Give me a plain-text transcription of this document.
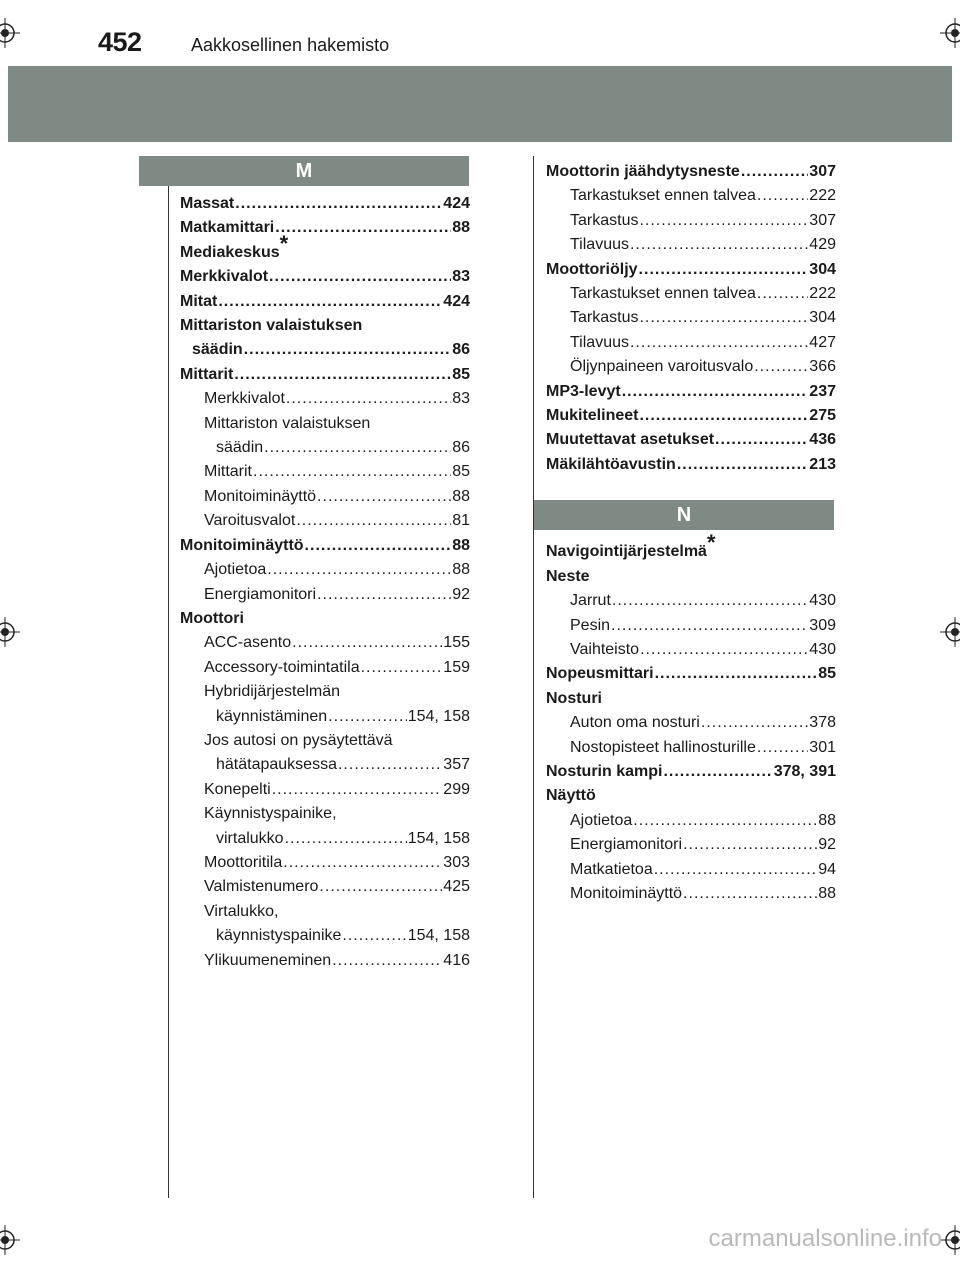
452	Aakkosellinen hakemisto
M
Massat .....	424
Matkamittari .....	88
Mediakeskus*
Merkkivalot .....	83
Mitat .....	424
Mittariston valaistuksen
säädin .....	86
Mittarit .....	85
Merkkivalot .....	83
Mittariston valaistuksen
säädin .....	86
Mittarit .....	85
Monitoiminäyttö .....	88
Varoitusvalot .....	81
Monitoiminäyttö .....	88
Ajotietoa .....	88
Energiamonitori .....	92
Moottori
ACC-asento .....	155
Accessory-toimintatila .....	159
Hybridijärjestelmän
käynnistäminen .....	154, 158
Jos autosi on pysäytettävä
hätätapauksessa .....	357
Konepelti .....	299
Käynnistyspainike,
virtalukko .....	154, 158
Moottoritila .....	303
Valmistenumero .....	425
Virtalukko,
käynnistyspainike .....	154, 158
Ylikuumeneminen .....	416
Moottorin jäähdytysneste .....	307
Tarkastukset ennen talvea .....	222
Tarkastus .....	307
Tilavuus .....	429
Moottoriöljy .....	304
Tarkastukset ennen talvea .....	222
Tarkastus .....	304
Tilavuus .....	427
Öljynpaineen varoitusvalo .....	366
MP3-levyt .....	237
Mukitelineet .....	275
Muutettavat asetukset .....	436
Mäkilähtöavustin .....	213
N
Navigointijärjestelmä*
Neste
Jarrut .....	430
Pesin .....	309
Vaihteisto .....	430
Nopeusmittari .....	85
Nosturi
Auton oma nosturi .....	378
Nostopisteet hallinosturille .....	301
Nosturin kampi .....	378, 391
Näyttö
Ajotietoa .....	88
Energiamonitori .....	92
Matkatietoa .....	94
Monitoiminäyttö .....	88
carmanualsonline.info
